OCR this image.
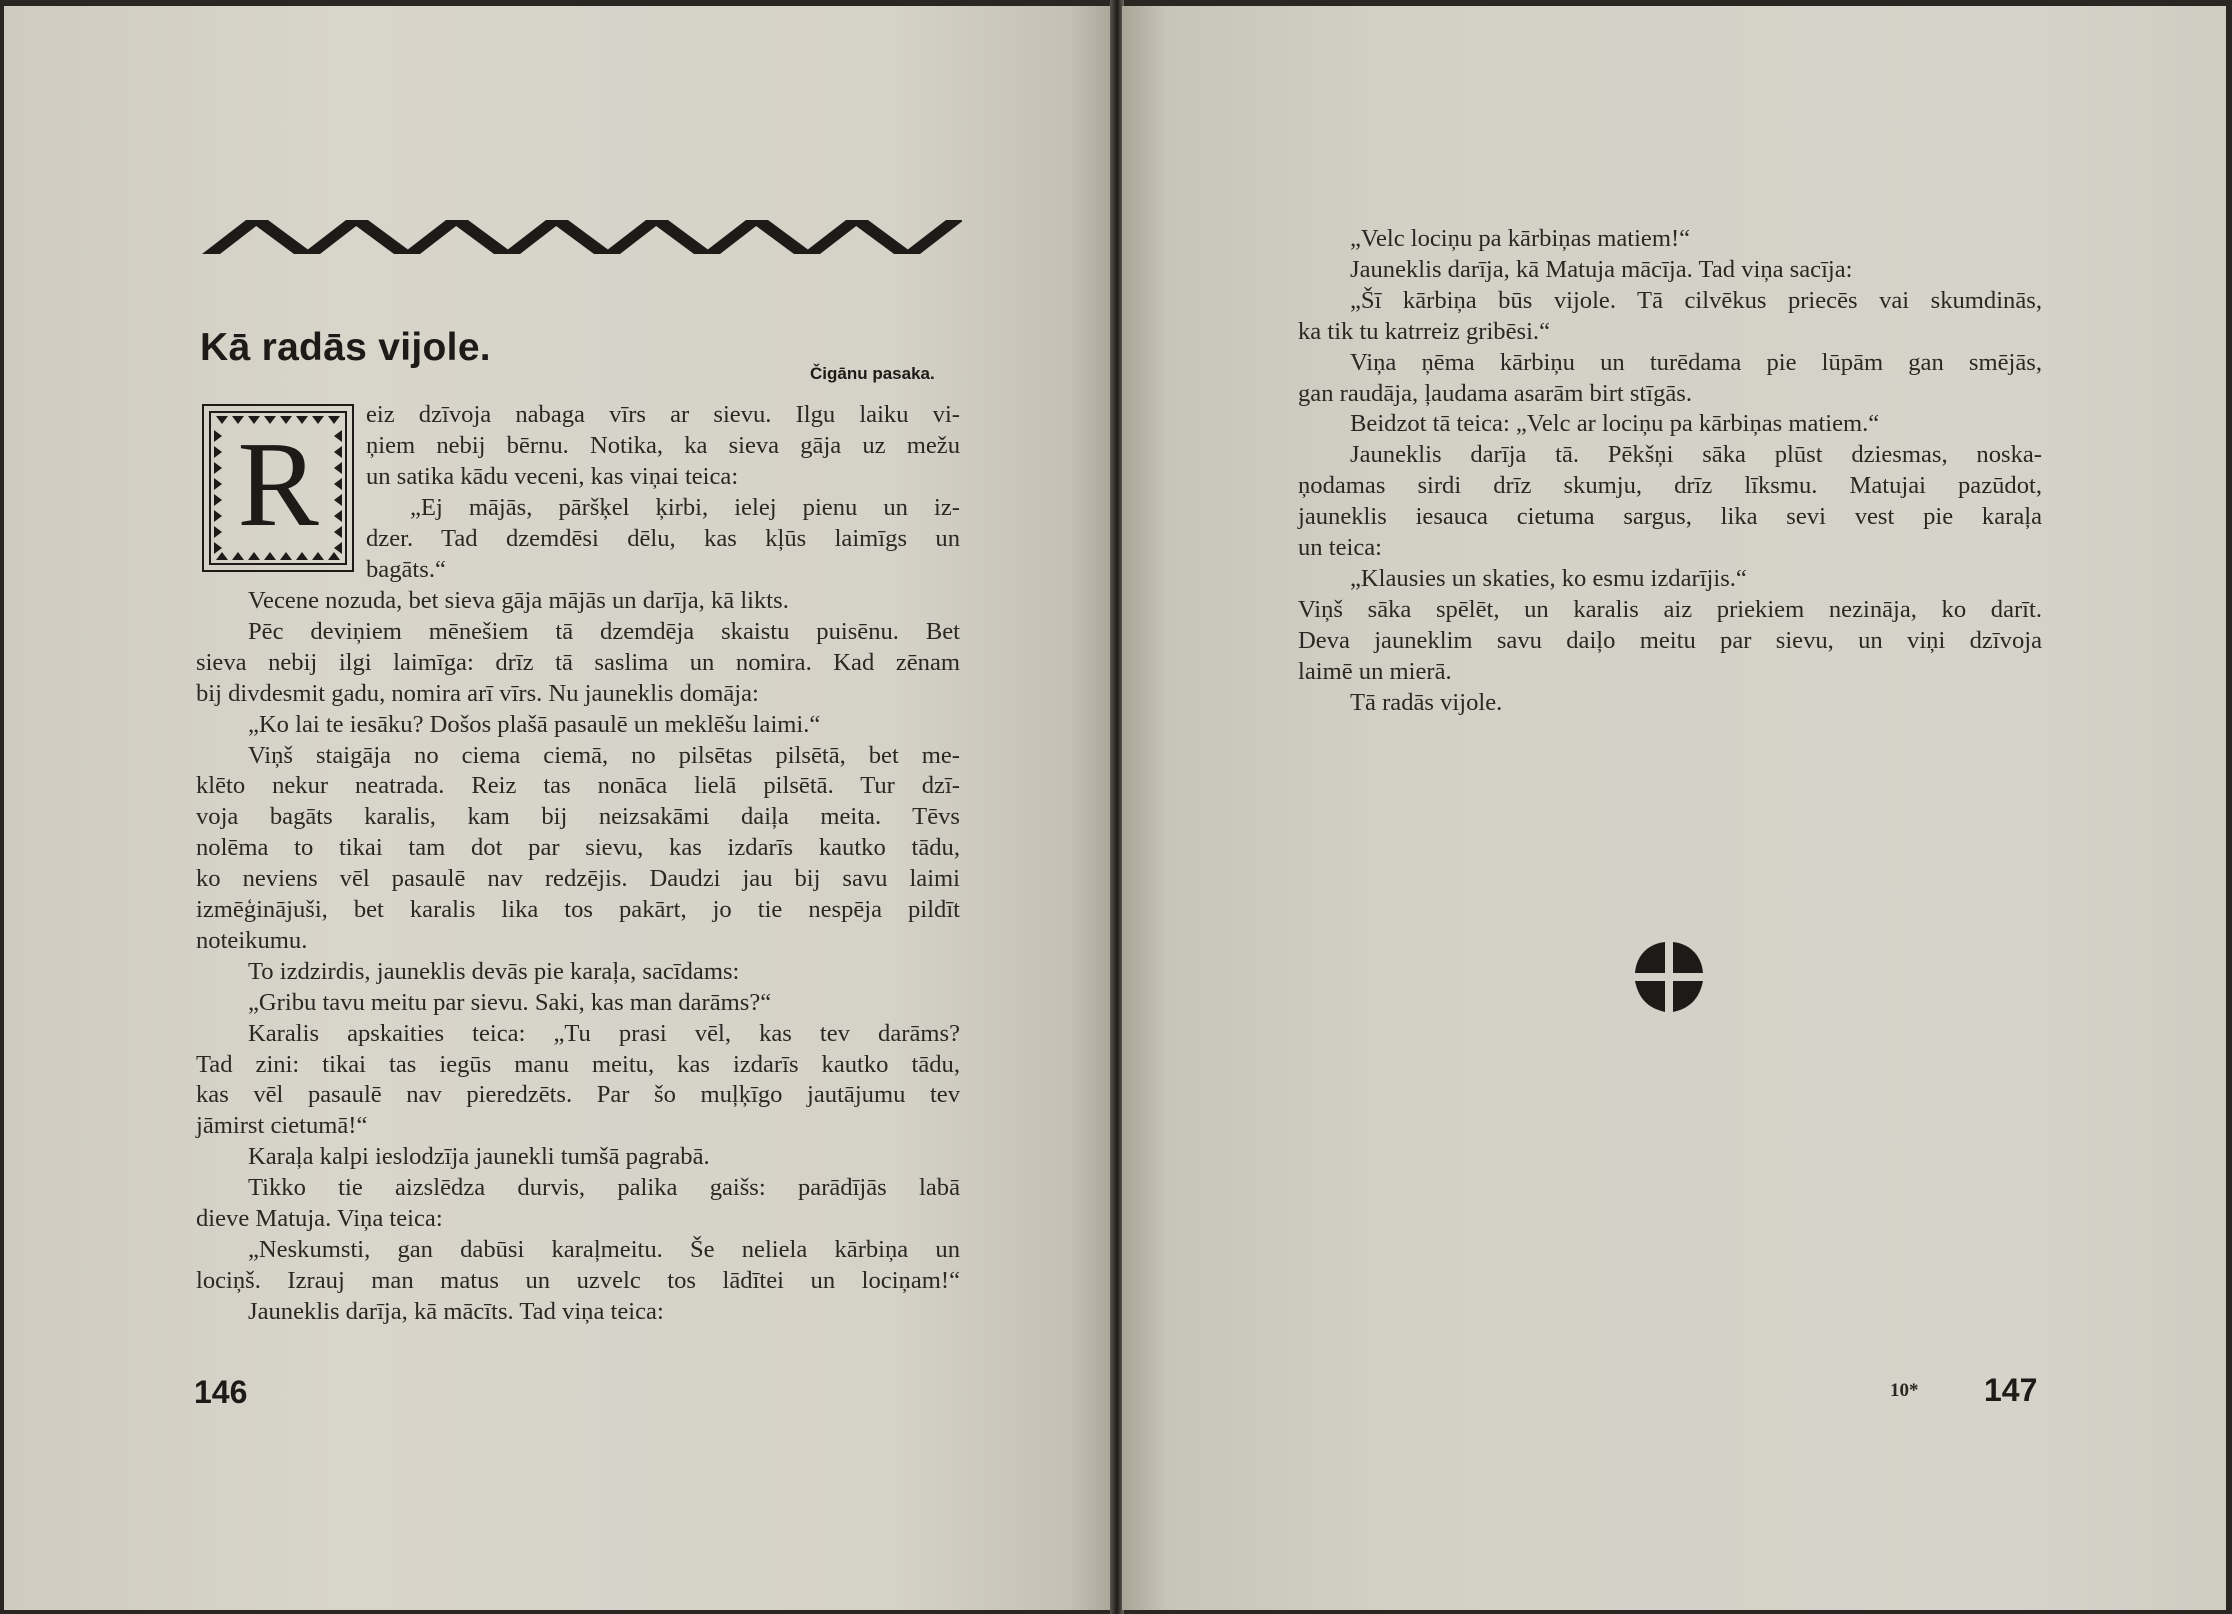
Kā radās vijole.
Čigānu pasaka.
R

eiz dzīvoja nabaga vīrs ar sievu. Ilgu laiku vi-

ņiem nebij bērnu. Notika, ka sieva gāja uz mežu

un satika kādu veceni, kas viņai teica:

„Ej mājās, pāršķel ķirbi, ielej pienu un iz-

dzer. Tad dzemdēsi dēlu, kas kļūs laimīgs un

bagāts.“

Vecene nozuda, bet sieva gāja mājās un darīja, kā likts.

Pēc deviņiem mēnešiem tā dzemdēja skaistu puisēnu. Bet

sieva nebij ilgi laimīga: drīz tā saslima un nomira. Kad zēnam

bij divdesmit gadu, nomira arī vīrs. Nu jauneklis domāja:

„Ko lai te iesāku? Došos plašā pasaulē un meklēšu laimi.“

Viņš staigāja no ciema ciemā, no pilsētas pilsētā, bet me-

klēto nekur neatrada. Reiz tas nonāca lielā pilsētā. Tur dzī-

voja bagāts karalis, kam bij neizsakāmi daiļa meita. Tēvs

nolēma to tikai tam dot par sievu, kas izdarīs kautko tādu,

ko neviens vēl pasaulē nav redzējis. Daudzi jau bij savu laimi

izmēģinājuši, bet karalis lika tos pakārt, jo tie nespēja pildīt

noteikumu.

To izdzirdis, jauneklis devās pie karaļa, sacīdams:

„Gribu tavu meitu par sievu. Saki, kas man darāms?“

Karalis apskaities teica: „Tu prasi vēl, kas tev darāms?

Tad zini: tikai tas iegūs manu meitu, kas izdarīs kautko tādu,

kas vēl pasaulē nav pieredzēts. Par šo muļķīgo jautājumu tev

jāmirst cietumā!“

Karaļa kalpi ieslodzīja jaunekli tumšā pagrabā.

Tikko tie aizslēdza durvis, palika gaišs: parādījās labā

dieve Matuja. Viņa teica:

„Neskumsti, gan dabūsi karaļmeitu. Še neliela kārbiņa un

lociņš. Izrauj man matus un uzvelc tos lādītei un lociņam!“

Jauneklis darīja, kā mācīts. Tad viņa teica:

146

„Velc lociņu pa kārbiņas matiem!“

Jauneklis darīja, kā Matuja mācīja. Tad viņa sacīja:

„Šī kārbiņa būs vijole. Tā cilvēkus priecēs vai skumdinās,

ka tik tu katrreiz gribēsi.“

Viņa ņēma kārbiņu un turēdama pie lūpām gan smējās,

gan raudāja, ļaudama asarām birt stīgās.

Beidzot tā teica: „Velc ar lociņu pa kārbiņas matiem.“

Jauneklis darīja tā. Pēkšņi sāka plūst dziesmas, noska-

ņodamas sirdi drīz skumju, drīz līksmu. Matujai pazūdot,

jauneklis iesauca cietuma sargus, lika sevi vest pie karaļa

un teica:

„Klausies un skaties, ko esmu izdarījis.“

Viņš sāka spēlēt, un karalis aiz priekiem nezināja, ko darīt.

Deva jauneklim savu daiļo meitu par sievu, un viņi dzīvoja

laimē un mierā.

Tā radās vijole.

10* 147
